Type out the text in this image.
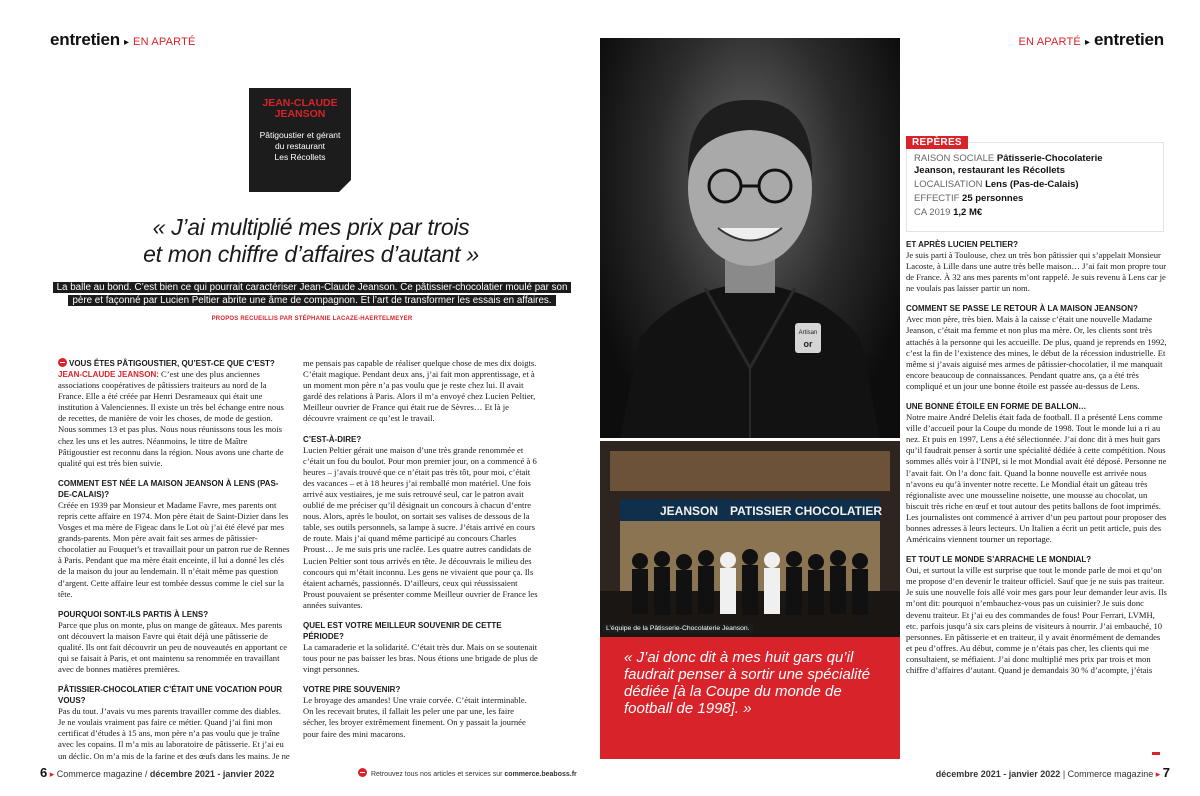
entretien ▸ EN APARTÉ	EN APARTÉ ▸ entretien
JEAN-CLAUDE
JEANSON
Pâtigoustier et gérant
du restaurant
Les Récollets
« J’ai multiplié mes prix par trois
et mon chiffre d’affaires d’autant »
La balle au bond. C’est bien ce qui pourrait caractériser Jean-Claude Jeanson. Ce pâtissier-chocolatier moulé par son père et façonné par Lucien Peltier abrite une âme de compagnon. Et l’art de transformer les essais en affaires.
PROPOS RECUEILLIS PAR STÉPHANIE LACAZE-HAERTELMEYER
VOUS ÊTES PÂTIGOUSTIER, QU’EST-CE QUE C’EST?

JEAN-CLAUDE JEANSON: C’est une des plus anciennes associations coopératives de pâtissiers traiteurs au nord de la France. Elle a été créée par Henri Desrameaux qui était une institution à Valenciennes. Il existe un très bel échange entre nous de recettes, de manière de voir les choses, de mode de gestion. Nous sommes 13 et pas plus. Nous nous réunissons tous les mois chez les uns et les autres. Néanmoins, le titre de Maître Pâtigoustier est reconnu dans la région. Nous avons une charte de qualité qui est très bien suivie.

COMMENT EST NÉE LA MAISON JEANSON À LENS (PAS-DE-CALAIS)?

Créée en 1939 par Monsieur et Madame Favre, mes parents ont repris cette affaire en 1974. Mon père était de Saint-Dizier dans les Vosges et ma mère de Figeac dans le Lot où j’ai été élevé par mes grands-parents. Mon père avait fait ses armes de pâtissier-chocolatier au Fouquet’s et travaillait pour un patron rue de Rennes à Paris. Pendant que ma mère était enceinte, il lui a donné les clés de la maison du jour au lendemain. Il n’était même pas question d’argent. Cette affaire leur est tombée dessus comme le ciel sur la tête.

POURQUOI SONT-ILS PARTIS À LENS?

Parce que plus on monte, plus on mange de gâteaux. Mes parents ont découvert la maison Favre qui était déjà une pâtisserie de qualité. Ils ont fait découvrir un peu de nouveautés en apportant ce qui se faisait à Paris, et ont maintenu sa renommée en travaillant avec de bonnes matières premières.

PÂTISSIER-CHOCOLATIER C’ÉTAIT UNE VOCATION POUR VOUS?

Pas du tout. J’avais vu mes parents travailler comme des diables. Je ne voulais vraiment pas faire ce métier. Quand j’ai fini mon certificat d’études à 15 ans, mon père n’a pas voulu que je traîne avec les copains. Il m’a mis au laboratoire de pâtisserie. Et j’ai eu un déclic. On m’a mis de la farine et des œufs dans les mains. Je ne

me pensais pas capable de réaliser quelque chose de mes dix doigts. C’était magique. Pendant deux ans, j’ai fait mon apprentissage, et à un moment mon père n’a pas voulu que je reste chez lui. Il avait gardé des relations à Paris. Alors il m’a envoyé chez Lucien Peltier, Meilleur ouvrier de France qui était rue de Sèvres… Et là je découvre vraiment ce qu’est le travail.

C’EST-À-DIRE?

Lucien Peltier gérait une maison d’une très grande renommée et c’était un fou du boulot. Pour mon premier jour, on a commencé à 6 heures – j’avais trouvé que ce n’était pas très tôt, pour moi, c’était des vacances – et à 18 heures j’ai remballé mon matériel. Une fois arrivé aux vestiaires, je me suis retrouvé seul, car le patron avait oublié de me préciser qu’il désignait un concours à chacun d’entre nous. Alors, après le boulot, on sortait ses valises de dessous de la table, ses outils personnels, sa lampe à sucre. J’étais arrivé en cours de route. Mais j’ai quand même participé au concours Charles Proust… Je me suis pris une raclée. Les quatre autres candidats de Lucien Peltier sont tous arrivés en tête. Je découvrais le milieu des concours qui m’était inconnu. Les gens ne vivaient que pour ça. Ils étaient acharnés, passionnés. D’ailleurs, ceux qui réussissaient Proust pouvaient se présenter comme Meilleur ouvrier de France les années suivantes.

QUEL EST VOTRE MEILLEUR SOUVENIR DE CETTE PÉRIODE?

La camaraderie et la solidarité. C’était très dur. Mais on se soutenait tous pour ne pas baisser les bras. Nous étions une brigade de plus de vingt personnes.

VOTRE PIRE SOUVENIR?

Le broyage des amandes! Une vraie corvée. C’était interminable. On les recevait brutes, il fallait les peler une par une, les faire sécher, les broyer extrêmement finement. On y passait la journée pour faire des mini macarons.

Artisan
or
JEANSON PATISSIER CHOCOLATIER
L’équipe de la Pâtisserie-Chocolaterie Jeanson.
« J’ai donc dit à mes huit gars qu’il faudrait penser à sortir une spécialité dédiée [à la Coupe du monde de football de 1998]. »
REPÈRES
RAISON SOCIALE Pâtisserie-Chocolaterie
Jeanson, restaurant les Récollets
LOCALISATION Lens (Pas-de-Calais)
EFFECTIF 25 personnes
CA 2019 1,2 M€
ET APRÈS LUCIEN PELTIER?

Je suis parti à Toulouse, chez un très bon pâtissier qui s’appelait Monsieur Lacoste, à Lille dans une autre très belle maison… J’ai fait mon propre tour de France. À 32 ans mes parents m’ont rappelé. Je suis revenu à Lens car je ne voulais pas laisser partir un nom.

COMMENT SE PASSE LE RETOUR À LA MAISON JEANSON?

Avec mon père, très bien. Mais à la caisse c’était une nouvelle Madame Jeanson, c’était ma femme et non plus ma mère. Or, les clients sont très attachés à la personne qui les accueille. De plus, quand je reprends en 1992, c’est la fin de l’existence des mines, le début de la récession industrielle. Et même si j’avais aiguisé mes armes de pâtissier-chocolatier, il me manquait encore beaucoup de connaissances. Pendant quatre ans, ça a été très compliqué et un jour une bonne étoile est passée au-dessus de Lens.

UNE BONNE ÉTOILE EN FORME DE BALLON…

Notre maire André Delelis était fada de football. Il a présenté Lens comme ville d’accueil pour la Coupe du monde de 1998. Tout le monde lui a ri au nez. Et puis en 1997, Lens a été sélectionnée. J’ai donc dit à mes huit gars qu’il faudrait penser à sortir une spécialité dédiée à cette compétition. Nous sommes allés voir à l’INPI, si le mot Mondial avait été déposé. Personne ne l’avait fait. On l’a donc fait. Quand la bonne nouvelle est arrivée nous n’avons eu qu’à inventer notre recette. Le Mondial était un gâteau très régionaliste avec une mousseline noisette, une mousse au chocolat, un biscuit très riche en œuf et tout autour des petits ballons de foot imprimés. Les journalistes ont commencé à arriver d’un peu partout pour proposer des bonnes adresses à leurs lecteurs. Un Italien a écrit un petit article, puis des Américains viennent tourner un reportage.

ET TOUT LE MONDE S’ARRACHE LE MONDIAL?

Oui, et surtout la ville est surprise que tout le monde parle de moi et qu’on me propose d’en devenir le traiteur officiel. Sauf que je ne suis pas traiteur. Je suis une nouvelle fois allé voir mes gars pour leur demander leur avis. Ils m’ont dit: pourquoi n’embauchez-vous pas un cuisinier? Je suis donc devenu traiteur. Et j’ai eu des commandes de fous! Pour Ferrari, LVMH, etc. parfois jusqu’à six cars pleins de visiteurs à nourrir. J’ai embauché, 10 personnes. En pâtisserie et en traiteur, il y avait énormément de demandes et peu d’offres. Au début, comme je n’étais pas cher, les clients qui me consultaient, se méfiaient. J’ai donc multiplié mes prix par trois et mon chiffre d’affaires d’autant. Quand je demandais 30 % d’acompte, j’étais

6 ▸ Commerce magazine / décembre 2021 - janvier 2022	Retrouvez tous nos articles et services sur commerce.beaboss.fr	décembre 2021 - janvier 2022 | Commerce magazine ▸ 7
